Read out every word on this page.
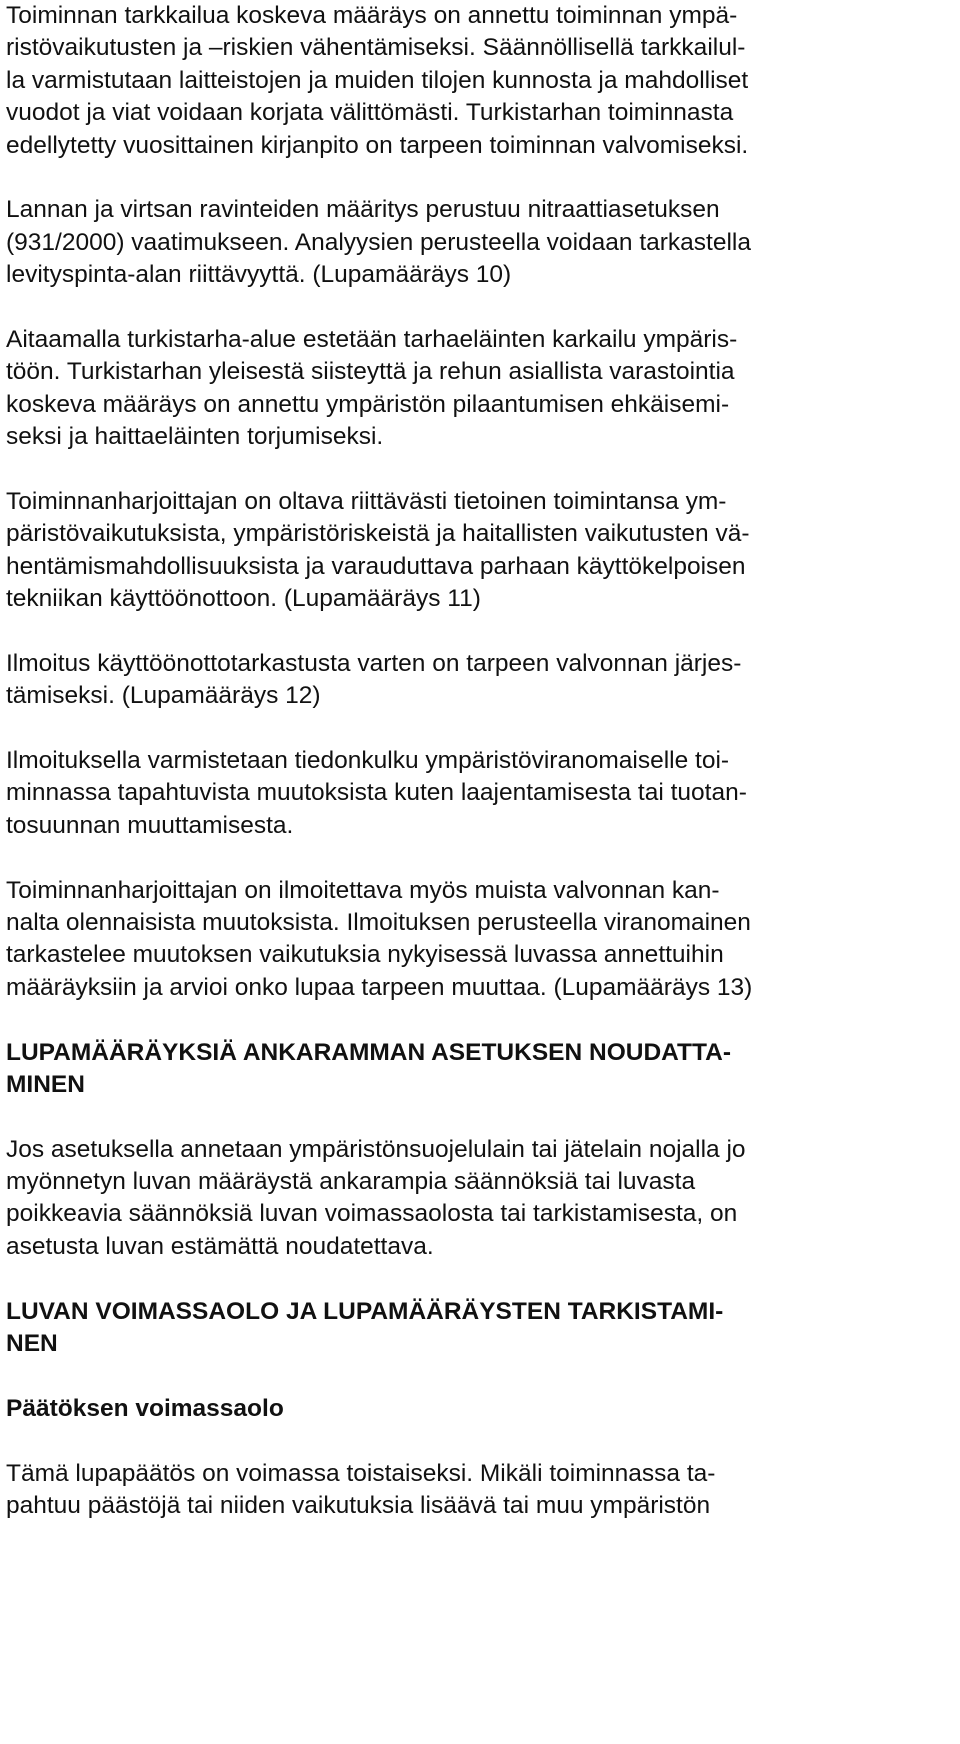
Toiminnan tarkkailua koskeva määräys on annettu toiminnan ympä-
ristövaikutusten ja –riskien vähentämiseksi. Säännöllisellä tarkkailul-
la varmistutaan laitteistojen ja muiden tilojen kunnosta ja mahdolliset
vuodot ja viat voidaan korjata välittömästi. Turkistarhan toiminnasta
edellytetty vuosittainen kirjanpito on tarpeen toiminnan valvomiseksi.
Lannan ja virtsan ravinteiden määritys perustuu nitraattiasetuksen
(931/2000) vaatimukseen. Analyysien perusteella voidaan tarkastella
levityspinta-alan riittävyyttä. (Lupamääräys 10)
Aitaamalla turkistarha-alue estetään tarhaeläinten karkailu ympäris-
töön. Turkistarhan yleisestä siisteyttä ja rehun asiallista varastointia
koskeva määräys on annettu ympäristön pilaantumisen ehkäisemi-
seksi ja haittaeläinten torjumiseksi.
Toiminnanharjoittajan on oltava riittävästi tietoinen toimintansa ym-
päristövaikutuksista, ympäristöriskeistä ja haitallisten vaikutusten vä-
hentämismahdollisuuksista ja varauduttava parhaan käyttökelpoisen
tekniikan käyttöönottoon. (Lupamääräys 11)
Ilmoitus käyttöönottotarkastusta varten on tarpeen valvonnan järjes-
tämiseksi. (Lupamääräys 12)
Ilmoituksella varmistetaan tiedonkulku ympäristöviranomaiselle toi-
minnassa tapahtuvista muutoksista kuten laajentamisesta tai tuotan-
tosuunnan muuttamisesta.
Toiminnanharjoittajan on ilmoitettava myös muista valvonnan kan-
nalta olennaisista muutoksista. Ilmoituksen perusteella viranomainen
tarkastelee muutoksen vaikutuksia nykyisessä luvassa annettuihin
määräyksiin ja arvioi onko lupaa tarpeen muuttaa. (Lupamääräys 13)
LUPAMÄÄRÄYKSIÄ ANKARAMMAN ASETUKSEN NOUDATTA-
MINEN
Jos asetuksella annetaan ympäristönsuojelulain tai jätelain nojalla jo
myönnetyn luvan määräystä ankarampia säännöksiä tai luvasta
poikkeavia säännöksiä luvan voimassaolosta tai tarkistamisesta, on
asetusta luvan estämättä noudatettava.
LUVAN VOIMASSAOLO JA LUPAMÄÄRÄYSTEN TARKISTAMI-
NEN
Päätöksen voimassaolo
Tämä lupapäätös on voimassa toistaiseksi. Mikäli toiminnassa ta-
pahtuu päästöjä tai niiden vaikutuksia lisäävä tai muu ympäristön
